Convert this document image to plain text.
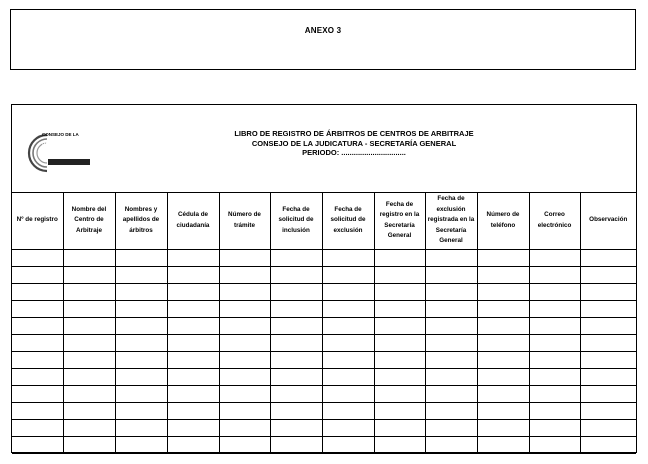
ANEXO 3
CONSEJO DE LA
JUDICATURA
LIBRO DE REGISTRO DE ÁRBITROS DE CENTROS DE ARBITRAJE
CONSEJO DE LA JUDICATURA - SECRETARÍA GENERAL
PERIODO: ...............................
Nº de registro	Nombre del Centro de Arbitraje	Nombres y apellidos de árbitros	Cédula de ciudadanía	Número de trámite	Fecha de solicitud de inclusión	Fecha de solicitud de exclusión	Fecha de registro en la Secretaría General	Fecha de exclusión registrada en la Secretaría General	Número de teléfono	Correo electrónico	Observación
